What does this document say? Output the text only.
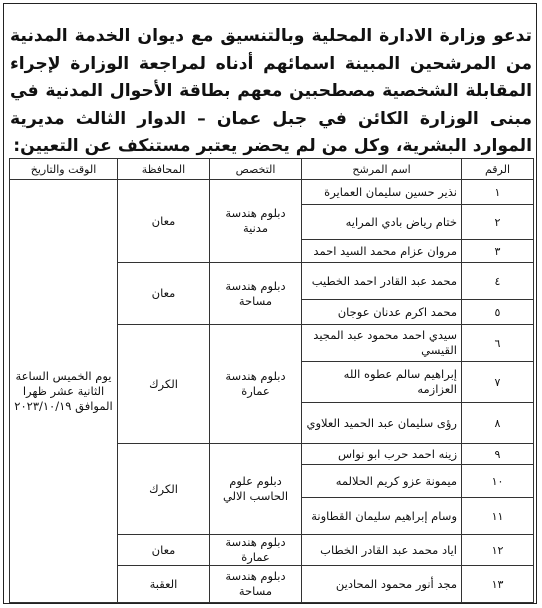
تدعو وزارة الادارة المحلية وبالتنسيق مع ديوان الخدمة المدنية من المرشحين المبينة اسمائهم أدناه لمراجعة الوزارة لإجراء المقابلة الشخصية مصطحبين معهم بطاقة الأحوال المدنية في مبنى الوزارة الكائن في جبل عمان – الدوار الثالث مديرية الموارد البشرية، وكل من لم يحضر يعتبر مستنكف عن التعيين:

الرقم	اسم المرشح	التخصص	المحافظة	الوقت والتاريخ
١	نذير حسين سليمان العمايرة	دبلوم هندسة مدنية	معان	يوم الخميس الساعة الثانية عشر ظهرا الموافق ٢٠٢٣/١٠/١٩
٢	ختام رياض بادي المرايه			
٣	مروان عزام محمد السيد احمد			
٤	محمد عبد القادر احمد الخطيب	دبلوم هندسة مساحة	معان	
٥	محمد اكرم عدنان عوجان			
٦	سيدي احمد محمود عبد المجيد القيسي	دبلوم هندسة عمارة	الكرك	
٧	إبراهيم سالم عطوه الله العزازمه			
٨	رؤى سليمان عبد الحميد العلاوي			
٩	زينه احمد حرب ابو نواس	دبلوم علوم الحاسب الالي	الكرك	
١٠	ميمونة عزو كريم الحلالمه			
١١	وسام إبراهيم سليمان القطاونة			
١٢	اياد محمد عبد القادر الخطاب	دبلوم هندسة عمارة	معان	
١٣	مجد أنور محمود المحادين	دبلوم هندسة مساحة	العقبة	
